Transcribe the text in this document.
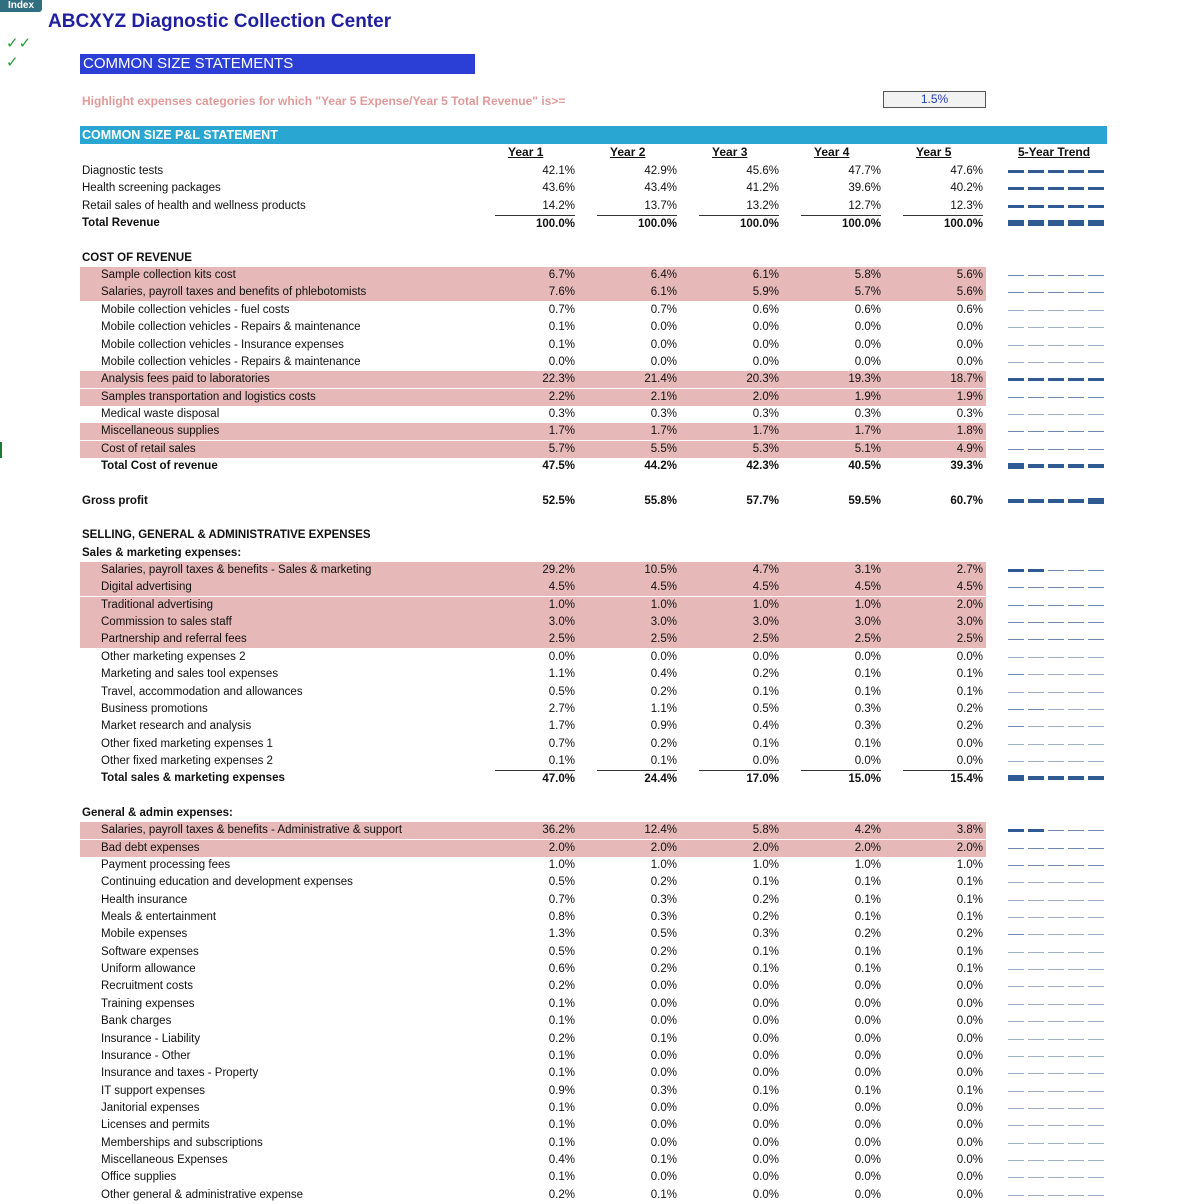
Index
ABCXYZ Diagnostic Collection Center
✓✓
✓	COMMON SIZE STATEMENTS
Highlight expenses categories for which "Year 5 Expense/Year 5 Total Revenue" is>=
1.5%
COMMON SIZE P&L STATEMENT
Year 1	Year 2	Year 3	Year 4	Year 5	5-Year Trend
Diagnostic tests	42.1%	42.9%	45.6%	47.7%	47.6%
Health screening packages	43.6%	43.4%	41.2%	39.6%	40.2%
Retail sales of health and wellness products	14.2%	13.7%	13.2%	12.7%	12.3%
Total Revenue	100.0%	100.0%	100.0%	100.0%	100.0%
COST OF REVENUE
Sample collection kits cost	6.7%	6.4%	6.1%	5.8%	5.6%
Salaries, payroll taxes and benefits of phlebotomists	7.6%	6.1%	5.9%	5.7%	5.6%
Mobile collection vehicles - fuel costs	0.7%	0.7%	0.6%	0.6%	0.6%
Mobile collection vehicles - Repairs & maintenance	0.1%	0.0%	0.0%	0.0%	0.0%
Mobile collection vehicles - Insurance expenses	0.1%	0.0%	0.0%	0.0%	0.0%
Mobile collection vehicles - Repairs & maintenance	0.0%	0.0%	0.0%	0.0%	0.0%
Analysis fees paid to laboratories	22.3%	21.4%	20.3%	19.3%	18.7%
Samples transportation and logistics costs	2.2%	2.1%	2.0%	1.9%	1.9%
Medical waste disposal	0.3%	0.3%	0.3%	0.3%	0.3%
Miscellaneous supplies	1.7%	1.7%	1.7%	1.7%	1.8%
Cost of retail sales	5.7%	5.5%	5.3%	5.1%	4.9%
Total Cost of revenue	47.5%	44.2%	42.3%	40.5%	39.3%
Gross profit	52.5%	55.8%	57.7%	59.5%	60.7%
SELLING, GENERAL & ADMINISTRATIVE EXPENSES
Sales & marketing expenses:
Salaries, payroll taxes & benefits - Sales & marketing	29.2%	10.5%	4.7%	3.1%	2.7%
Digital advertising	4.5%	4.5%	4.5%	4.5%	4.5%
Traditional advertising	1.0%	1.0%	1.0%	1.0%	2.0%
Commission to sales staff	3.0%	3.0%	3.0%	3.0%	3.0%
Partnership and referral fees	2.5%	2.5%	2.5%	2.5%	2.5%
Other marketing expenses 2	0.0%	0.0%	0.0%	0.0%	0.0%
Marketing and sales tool expenses	1.1%	0.4%	0.2%	0.1%	0.1%
Travel, accommodation and allowances	0.5%	0.2%	0.1%	0.1%	0.1%
Business promotions	2.7%	1.1%	0.5%	0.3%	0.2%
Market research and analysis	1.7%	0.9%	0.4%	0.3%	0.2%
Other fixed marketing expenses 1	0.7%	0.2%	0.1%	0.1%	0.0%
Other fixed marketing expenses 2	0.1%	0.1%	0.0%	0.0%	0.0%
Total sales & marketing expenses	47.0%	24.4%	17.0%	15.0%	15.4%
General & admin expenses:
Salaries, payroll taxes & benefits - Administrative & support	36.2%	12.4%	5.8%	4.2%	3.8%
Bad debt expenses	2.0%	2.0%	2.0%	2.0%	2.0%
Payment processing fees	1.0%	1.0%	1.0%	1.0%	1.0%
Continuing education and development expenses	0.5%	0.2%	0.1%	0.1%	0.1%
Health insurance	0.7%	0.3%	0.2%	0.1%	0.1%
Meals & entertainment	0.8%	0.3%	0.2%	0.1%	0.1%
Mobile expenses	1.3%	0.5%	0.3%	0.2%	0.2%
Software expenses	0.5%	0.2%	0.1%	0.1%	0.1%
Uniform allowance	0.6%	0.2%	0.1%	0.1%	0.1%
Recruitment costs	0.2%	0.0%	0.0%	0.0%	0.0%
Training expenses	0.1%	0.0%	0.0%	0.0%	0.0%
Bank charges	0.1%	0.0%	0.0%	0.0%	0.0%
Insurance - Liability	0.2%	0.1%	0.0%	0.0%	0.0%
Insurance - Other	0.1%	0.0%	0.0%	0.0%	0.0%
Insurance and taxes - Property	0.1%	0.0%	0.0%	0.0%	0.0%
IT support expenses	0.9%	0.3%	0.1%	0.1%	0.1%
Janitorial expenses	0.1%	0.0%	0.0%	0.0%	0.0%
Licenses and permits	0.1%	0.0%	0.0%	0.0%	0.0%
Memberships and subscriptions	0.1%	0.0%	0.0%	0.0%	0.0%
Miscellaneous Expenses	0.4%	0.1%	0.0%	0.0%	0.0%
Office supplies	0.1%	0.0%	0.0%	0.0%	0.0%
Other general & administrative expense	0.2%	0.1%	0.0%	0.0%	0.0%
